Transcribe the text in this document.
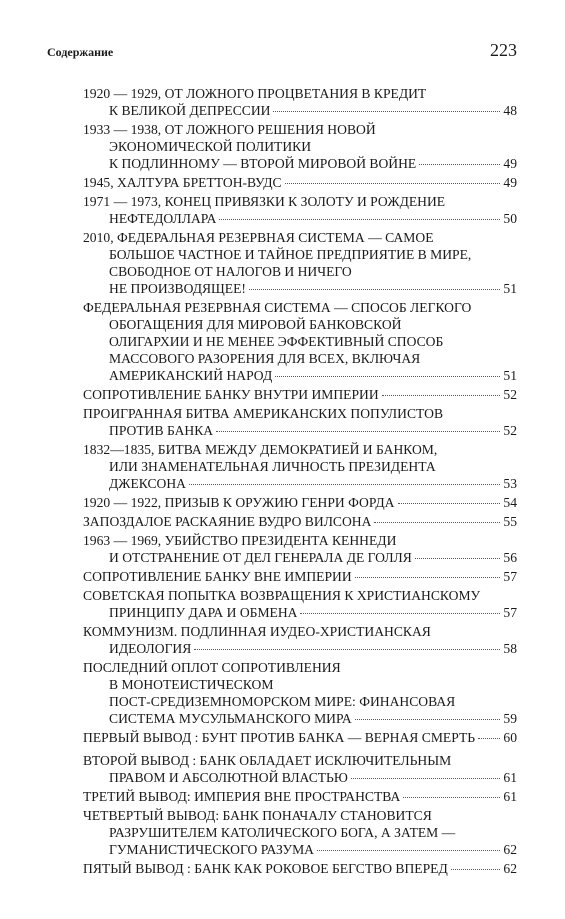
Содержание	223
1920 — 1929, ОТ ЛОЖНОГО ПРОЦВЕТАНИЯ В КРЕДИТ
К ВЕЛИКОЙ ДЕПРЕССИИ	48
1933 — 1938, ОТ ЛОЖНОГО РЕШЕНИЯ НОВОЙ
ЭКОНОМИЧЕСКОЙ ПОЛИТИКИ
К ПОДЛИННОМУ — ВТОРОЙ МИРОВОЙ ВОЙНЕ	49
1945, ХАЛТУРА БРЕТТОН-ВУДС	49
1971 — 1973, КОНЕЦ ПРИВЯЗКИ К ЗОЛОТУ И РОЖДЕНИЕ
НЕФТЕДОЛЛАРА	50
2010, ФЕДЕРАЛЬНАЯ РЕЗЕРВНАЯ СИСТЕМА — САМОЕ
БОЛЬШОЕ ЧАСТНОЕ И ТАЙНОЕ ПРЕДПРИЯТИЕ В МИРЕ,
СВОБОДНОЕ ОТ НАЛОГОВ И НИЧЕГО
НЕ ПРОИЗВОДЯЩЕЕ!	51
ФЕДЕРАЛЬНАЯ РЕЗЕРВНАЯ СИСТЕМА — СПОСОБ ЛЕГКОГО
ОБОГАЩЕНИЯ ДЛЯ МИРОВОЙ БАНКОВСКОЙ
ОЛИГАРХИИ И НЕ МЕНЕЕ ЭФФЕКТИВНЫЙ СПОСОБ
МАССОВОГО РАЗОРЕНИЯ ДЛЯ ВСЕХ, ВКЛЮЧАЯ
АМЕРИКАНСКИЙ НАРОД	51
СОПРОТИВЛЕНИЕ БАНКУ ВНУТРИ ИМПЕРИИ	52
ПРОИГРАННАЯ БИТВА АМЕРИКАНСКИХ ПОПУЛИСТОВ
ПРОТИВ БАНКА	52
1832—1835, БИТВА МЕЖДУ ДЕМОКРАТИЕЙ И БАНКОМ,
ИЛИ ЗНАМЕНАТЕЛЬНАЯ ЛИЧНОСТЬ ПРЕЗИДЕНТА
ДЖЕКСОНА	53
1920 — 1922, ПРИЗЫВ К ОРУЖИЮ ГЕНРИ ФОРДА	54
ЗАПОЗДАЛОЕ РАСКАЯНИЕ ВУДРО ВИЛСОНА	55
1963 — 1969, УБИЙСТВО ПРЕЗИДЕНТА КЕННЕДИ
И ОТСТРАНЕНИЕ ОТ ДЕЛ ГЕНЕРАЛА ДЕ ГОЛЛЯ	56
СОПРОТИВЛЕНИЕ БАНКУ ВНЕ ИМПЕРИИ	57
СОВЕТСКАЯ ПОПЫТКА ВОЗВРАЩЕНИЯ К ХРИСТИАНСКОМУ
ПРИНЦИПУ ДАРА И ОБМЕНА	57
КОММУНИЗМ. ПОДЛИННАЯ ИУДЕО-ХРИСТИАНСКАЯ
ИДЕОЛОГИЯ	58
ПОСЛЕДНИЙ ОПЛОТ СОПРОТИВЛЕНИЯ
В МОНОТЕИСТИЧЕСКОМ
ПОСТ-СРЕДИЗЕМНОМОРСКОМ МИРЕ: ФИНАНСОВАЯ
СИСТЕМА МУСУЛЬМАНСКОГО МИРА	59
ПЕРВЫЙ ВЫВОД : БУНТ ПРОТИВ БАНКА — ВЕРНАЯ СМЕРТЬ 60
ВТОРОЙ ВЫВОД : БАНК ОБЛАДАЕТ ИСКЛЮЧИТЕЛЬНЫМ
ПРАВОМ И АБСОЛЮТНОЙ ВЛАСТЬЮ	61
ТРЕТИЙ ВЫВОД: ИМПЕРИЯ ВНЕ ПРОСТРАНСТВА	61
ЧЕТВЕРТЫЙ ВЫВОД: БАНК ПОНАЧАЛУ СТАНОВИТСЯ
РАЗРУШИТЕЛЕМ КАТОЛИЧЕСКОГО БОГА, А ЗАТЕМ —
ГУМАНИСТИЧЕСКОГО РАЗУМА	62
ПЯТЫЙ ВЫВОД : БАНК КАК РОКОВОЕ БЕГСТВО ВПЕРЕД	62
